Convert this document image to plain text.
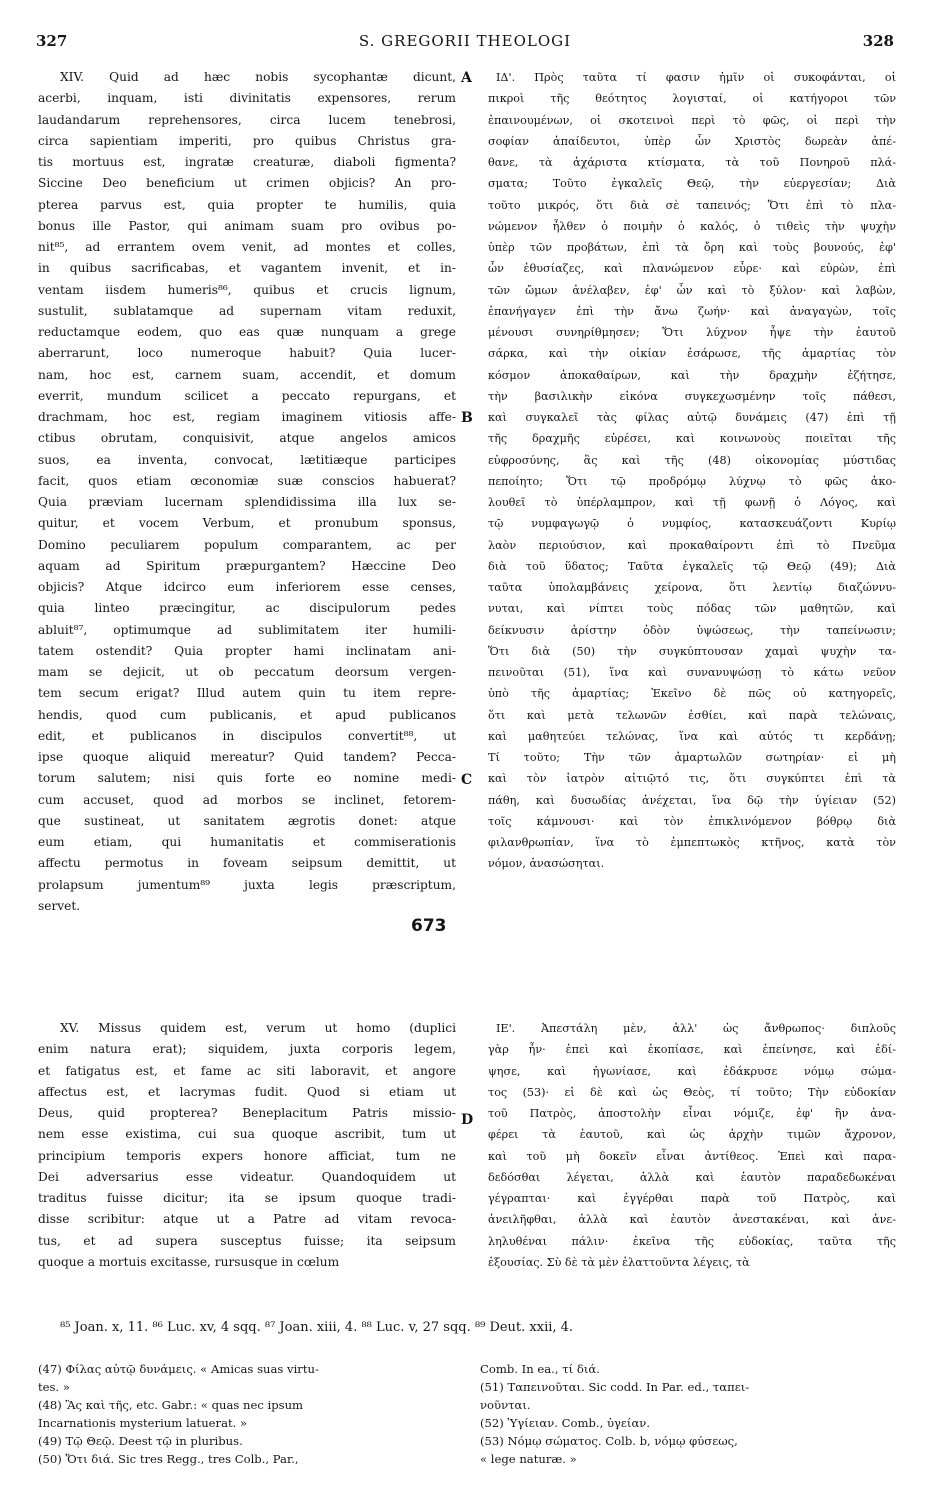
327	S. GREGORII THEOLOGI	328
XIV. Quid ad hæc nobis sycophantæ dicunt,
acerbi, inquam, isti divinitatis expensores, rerum
laudandarum reprehensores, circa lucem tenebrosi,
circa sapientiam imperiti, pro quibus Christus gra-
tis mortuus est, ingratæ creaturæ, diaboli figmenta?
Siccine Deo beneficium ut crimen objicis? An pro-
pterea parvus est, quia propter te humilis, quia
bonus ille Pastor, qui animam suam pro ovibus po-
nit⁸⁵, ad errantem ovem venit, ad montes et colles,
in quibus sacrificabas, et vagantem invenit, et in-
ventam iisdem humeris⁸⁶, quibus et crucis lignum,
sustulit, sublatamque ad supernam vitam reduxit,
reductamque eodem, quo eas quæ nunquam a grege
aberrarunt, loco numeroque habuit? Quia lucer-
nam, hoc est, carnem suam, accendit, et domum
everrit, mundum scilicet a peccato repurgans, et
drachmam, hoc est, regiam imaginem vitiosis affe-
ctibus obrutam, conquisivit, atque angelos amicos
suos, ea inventa, convocat, lætitiæque participes
facit, quos etiam œconomiæ suæ conscios habuerat?
Quia præviam lucernam splendidissima illa lux se-
quitur, et vocem Verbum, et pronubum sponsus,
Domino peculiarem populum comparantem, ac per
aquam ad Spiritum præpurgantem? Hæccine Deo
objicis? Atque idcirco eum inferiorem esse censes,
quia linteo præcingitur, ac discipulorum pedes
abluit⁸⁷, optimumque ad sublimitatem iter humili-
tatem ostendit? Quia propter hami inclinatam ani-
mam se dejicit, ut ob peccatum deorsum vergen-
tem secum erigat? Illud autem quin tu item repre-
hendis, quod cum publicanis, et apud publicanos
edit, et publicanos in discipulos convertit⁸⁸, ut
ipse quoque aliquid mereatur? Quid tandem? Pecca-
torum salutem; nisi quis forte eo nomine medi-
cum accuset, quod ad morbos se inclinet, fetorem-
que sustineat, ut sanitatem ægrotis donet: atque
eum etiam, qui humanitatis et commiserationis
affectu permotus in foveam seipsum demittit, ut
prolapsum jumentum⁸⁹ juxta legis præscriptum,
servet.
ΙΔ'. Πρὸς ταῦτα τί φασιν ἡμῖν οἱ συκοφάνται, οἱ
πικροὶ τῆς θεότητος λογισταί, οἱ κατήγοροι τῶν
ἐπαινουμένων, οἱ σκοτεινοὶ περὶ τὸ φῶς, οἱ περὶ τὴν
σοφίαν ἀπαίδευτοι, ὑπὲρ ὧν Χριστὸς δωρεὰν ἀπέ-
θανε, τὰ ἀχάριστα κτίσματα, τὰ τοῦ Πονηροῦ πλά-
σματα; Τοῦτο ἐγκαλεῖς Θεῷ, τὴν εὐεργεσίαν; Διὰ
τοῦτο μικρός, ὅτι διὰ σὲ ταπεινός; Ὅτι ἐπὶ τὸ πλα-
νώμενον ἦλθεν ὁ ποιμὴν ὁ καλός, ὁ τιθεὶς τὴν ψυχὴν
ὑπὲρ τῶν προβάτων, ἐπὶ τὰ ὄρη καὶ τοὺς βουνούς, ἐφ'
ὧν ἐθυσίαζες, καὶ πλανώμενον εὗρε· καὶ εὑρὼν, ἐπὶ
τῶν ὤμων ἀνέλαβεν, ἐφ' ὧν καὶ τὸ ξύλον· καὶ λαβὼν,
ἐπανήγαγεν ἐπὶ τὴν ἄνω ζωήν· καὶ ἀναγαγὼν, τοῖς
μένουσι συνηρίθμησεν; Ὅτι λύχνον ἧψε τὴν ἑαυτοῦ
σάρκα, καὶ τὴν οἰκίαν ἐσάρωσε, τῆς ἁμαρτίας τὸν
κόσμον ἀποκαθαίρων, καὶ τὴν δραχμὴν ἐζήτησε,
τὴν βασιλικὴν εἰκόνα συγκεχωσμένην τοῖς πάθεσι,
καὶ συγκαλεῖ τὰς φίλας αὐτῷ δυνάμεις (47) ἐπὶ τῇ
τῆς δραχμῆς εὑρέσει, καὶ κοινωνοὺς ποιεῖται τῆς
εὐφροσύνης, ἃς καὶ τῆς (48) οἰκονομίας μύστιδας
πεποίητο; Ὅτι τῷ προδρόμῳ λύχνῳ τὸ φῶς ἀκο-
λουθεῖ τὸ ὑπέρλαμπρον, καὶ τῇ φωνῇ ὁ Λόγος, καὶ
τῷ νυμφαγωγῷ ὁ νυμφίος, κατασκευάζοντι Κυρίῳ
λαὸν περιούσιον, καὶ προκαθαίροντι ἐπὶ τὸ Πνεῦμα
διὰ τοῦ ὕδατος; Ταῦτα ἐγκαλεῖς τῷ Θεῷ (49); Διὰ
ταῦτα ὑπολαμβάνεις χείρονα, ὅτι λεντίῳ διαζώννυ-
νυται, καὶ νίπτει τοὺς πόδας τῶν μαθητῶν, καὶ
δείκνυσιν ἀρίστην ὁδὸν ὑψώσεως, τὴν ταπείνωσιν;
Ὅτι διὰ (50) τὴν συγκύπτουσαν χαμαὶ ψυχὴν τα-
πεινοῦται (51), ἵνα καὶ συνανυψώσῃ τὸ κάτω νεῦον
ὑπὸ τῆς ἁμαρτίας; Ἐκεῖνο δὲ πῶς οὐ κατηγορεῖς,
ὅτι καὶ μετὰ τελωνῶν ἐσθίει, καὶ παρὰ τελώναις,
καὶ μαθητεύει τελώνας, ἵνα καὶ αὐτός τι κερδάνῃ;
Τί τοῦτο; Τὴν τῶν ἁμαρτωλῶν σωτηρίαν· εἰ μὴ
καὶ τὸν ἰατρὸν αἰτιῷτό τις, ὅτι συγκύπτει ἐπὶ τὰ
πάθη, καὶ δυσωδίας ἀνέχεται, ἵνα δῷ τὴν ὑγίειαν (52)
τοῖς κάμνουσι· καὶ τὸν ἐπικλινόμενον βόθρῳ διὰ
φιλανθρωπίαν, ἵνα τὸ ἐμπεπτωκὸς κτῆνος, κατὰ τὸν
νόμον, ἀνασώσηται.
XV. Missus quidem est, verum ut homo (duplici
enim natura erat); siquidem, juxta corporis legem,
et fatigatus est, et fame ac siti laboravit, et angore
affectus est, et lacrymas fudit. Quod si etiam ut
Deus, quid propterea? Beneplacitum Patris missio-
nem esse existima, cui sua quoque ascribit, tum ut
principium temporis expers honore afficiat, tum ne
Dei adversarius esse videatur. Quandoquidem ut
traditus fuisse dicitur; ita se ipsum quoque tradi-
disse scribitur: atque ut a Patre ad vitam revoca-
tus, et ad supera susceptus fuisse; ita seipsum
quoque a mortuis excitasse, rursusque in cœlum
ΙΕ'. Ἀπεστάλη μὲν, ἀλλ' ὡς ἄνθρωπος· διπλοῦς
γὰρ ἦν· ἐπεὶ καὶ ἐκοπίασε, καὶ ἐπείνησε, καὶ ἐδί-
ψησε, καὶ ἠγωνίασε, καὶ ἐδάκρυσε νόμῳ σώμα-
τος (53)· εἰ δὲ καὶ ὡς Θεὸς, τί τοῦτο; Τὴν εὐδοκίαν
τοῦ Πατρὸς, ἀποστολὴν εἶναι νόμιζε, ἐφ' ἣν ἀνα-
φέρει τὰ ἑαυτοῦ, καὶ ὡς ἀρχὴν τιμῶν ἄχρονον,
καὶ τοῦ μὴ δοκεῖν εἶναι ἀντίθεος. Ἐπεὶ καὶ παρα-
δεδόσθαι λέγεται, ἀλλὰ καὶ ἑαυτὸν παραδεδωκέναι
γέγραπται· καὶ ἐγγέρθαι παρὰ τοῦ Πατρὸς, καὶ
ἀνειλῆφθαι, ἀλλὰ καὶ ἑαυτὸν ἀνεστακέναι, καὶ ἀνε-
ληλυθέναι πάλιν· ἐκεῖνα τῆς εὐδοκίας, ταῦτα τῆς
ἐξουσίας. Σὺ δὲ τὰ μὲν ἐλαττοῦντα λέγεις, τὰ
A
B
C
D
673
⁸⁵ Joan. x, 11. ⁸⁶ Luc. xv, 4 sqq. ⁸⁷ Joan. xiii, 4. ⁸⁸ Luc. v, 27 sqq. ⁸⁹ Deut. xxii, 4.
(47) Φίλας αὐτῷ δυνάμεις. « Amicas suas virtu-
tes. »
(48) Ἃς καὶ τῆς, etc. Gabr.: « quas nec ipsum
Incarnationis mysterium latuerat. »
(49) Τῷ Θεῷ. Deest τῷ in pluribus.
(50) Ὅτι διά. Sic tres Regg., tres Colb., Par.,
Comb. In ea., τί διά.
(51) Ταπεινοῦται. Sic codd. In Par. ed., ταπει-
νοῦνται.
(52) Ὑγίειαν. Comb., ὑγείαν.
(53) Νόμῳ σώματος. Colb. b, νόμῳ φύσεως,
« lege naturæ. »
